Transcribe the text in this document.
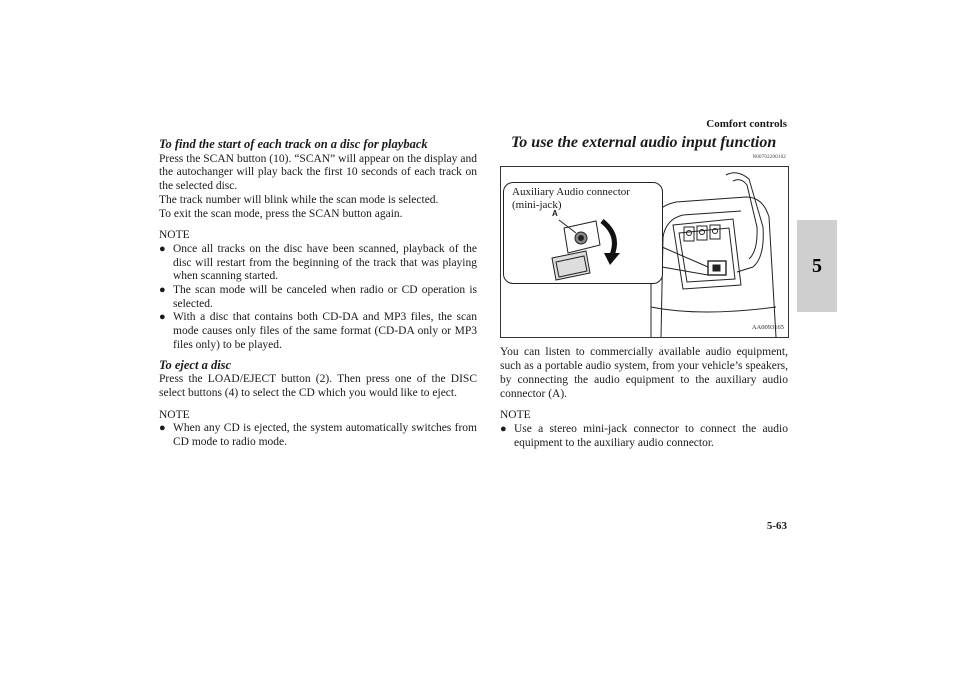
Comfort controls
5
To find the start of each track on a disc for playback
Press the SCAN button (10). “SCAN” will appear on the display and the autochanger will play back the first 10 seconds of each track on the selected disc.
The track number will blink while the scan mode is selected.
To exit the scan mode, press the SCAN button again.
NOTE
● Once all tracks on the disc have been scanned, playback of the disc will restart from the beginning of the track that was playing when scanning started.
● The scan mode will be canceled when radio or CD operation is selected.
● With a disc that contains both CD-DA and MP3 files, the scan mode causes only files of the same format (CD-DA only or MP3 files only) to be played.
To eject a disc
Press the LOAD/EJECT button (2). Then press one of the DISC select buttons (4) to select the CD which you would like to eject.
NOTE
● When any CD is ejected, the system automatically switches from CD mode to radio mode.
To use the external audio input function
N00702200162
Auxiliary Audio connector
(mini-jack)
A
AA0093165
You can listen to commercially available audio equipment, such as a portable audio system, from your vehicle’s speakers, by connecting the audio equipment to the auxiliary audio connector (A).
NOTE
● Use a stereo mini-jack connector to connect the audio equipment to the auxiliary audio connector.
5-63
